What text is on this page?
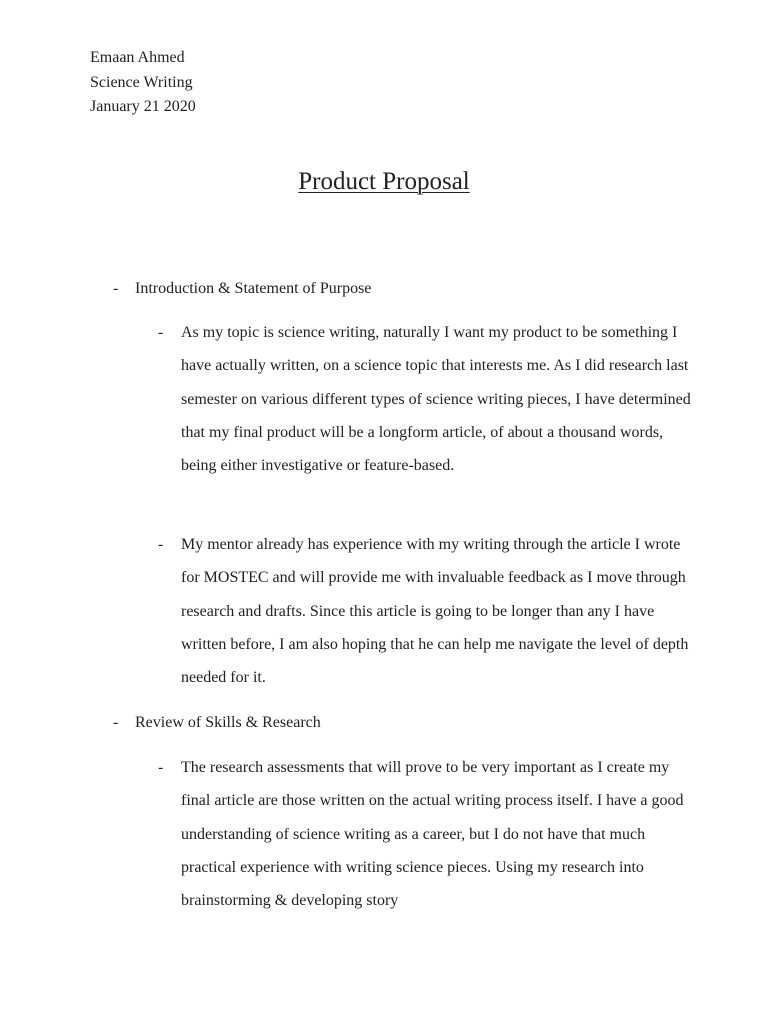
Emaan Ahmed
Science Writing
January 21 2020
Product Proposal
- Introduction & Statement of Purpose
-	As my topic is science writing, naturally I want my product to be something I have actually written, on a science topic that interests me. As I did research last semester on various different types of science writing pieces, I have determined that my final product will be a longform article, of about a thousand words, being either investigative or feature-based.
-	My mentor already has experience with my writing through the article I wrote for MOSTEC and will provide me with invaluable feedback as I move through research and drafts. Since this article is going to be longer than any I have written before, I am also hoping that he can help me navigate the level of depth needed for it.
- Review of Skills & Research
-	The research assessments that will prove to be very important as I create my final article are those written on the actual writing process itself. I have a good understanding of science writing as a career, but I do not have that much practical experience with writing science pieces. Using my research into brainstorming & developing story
